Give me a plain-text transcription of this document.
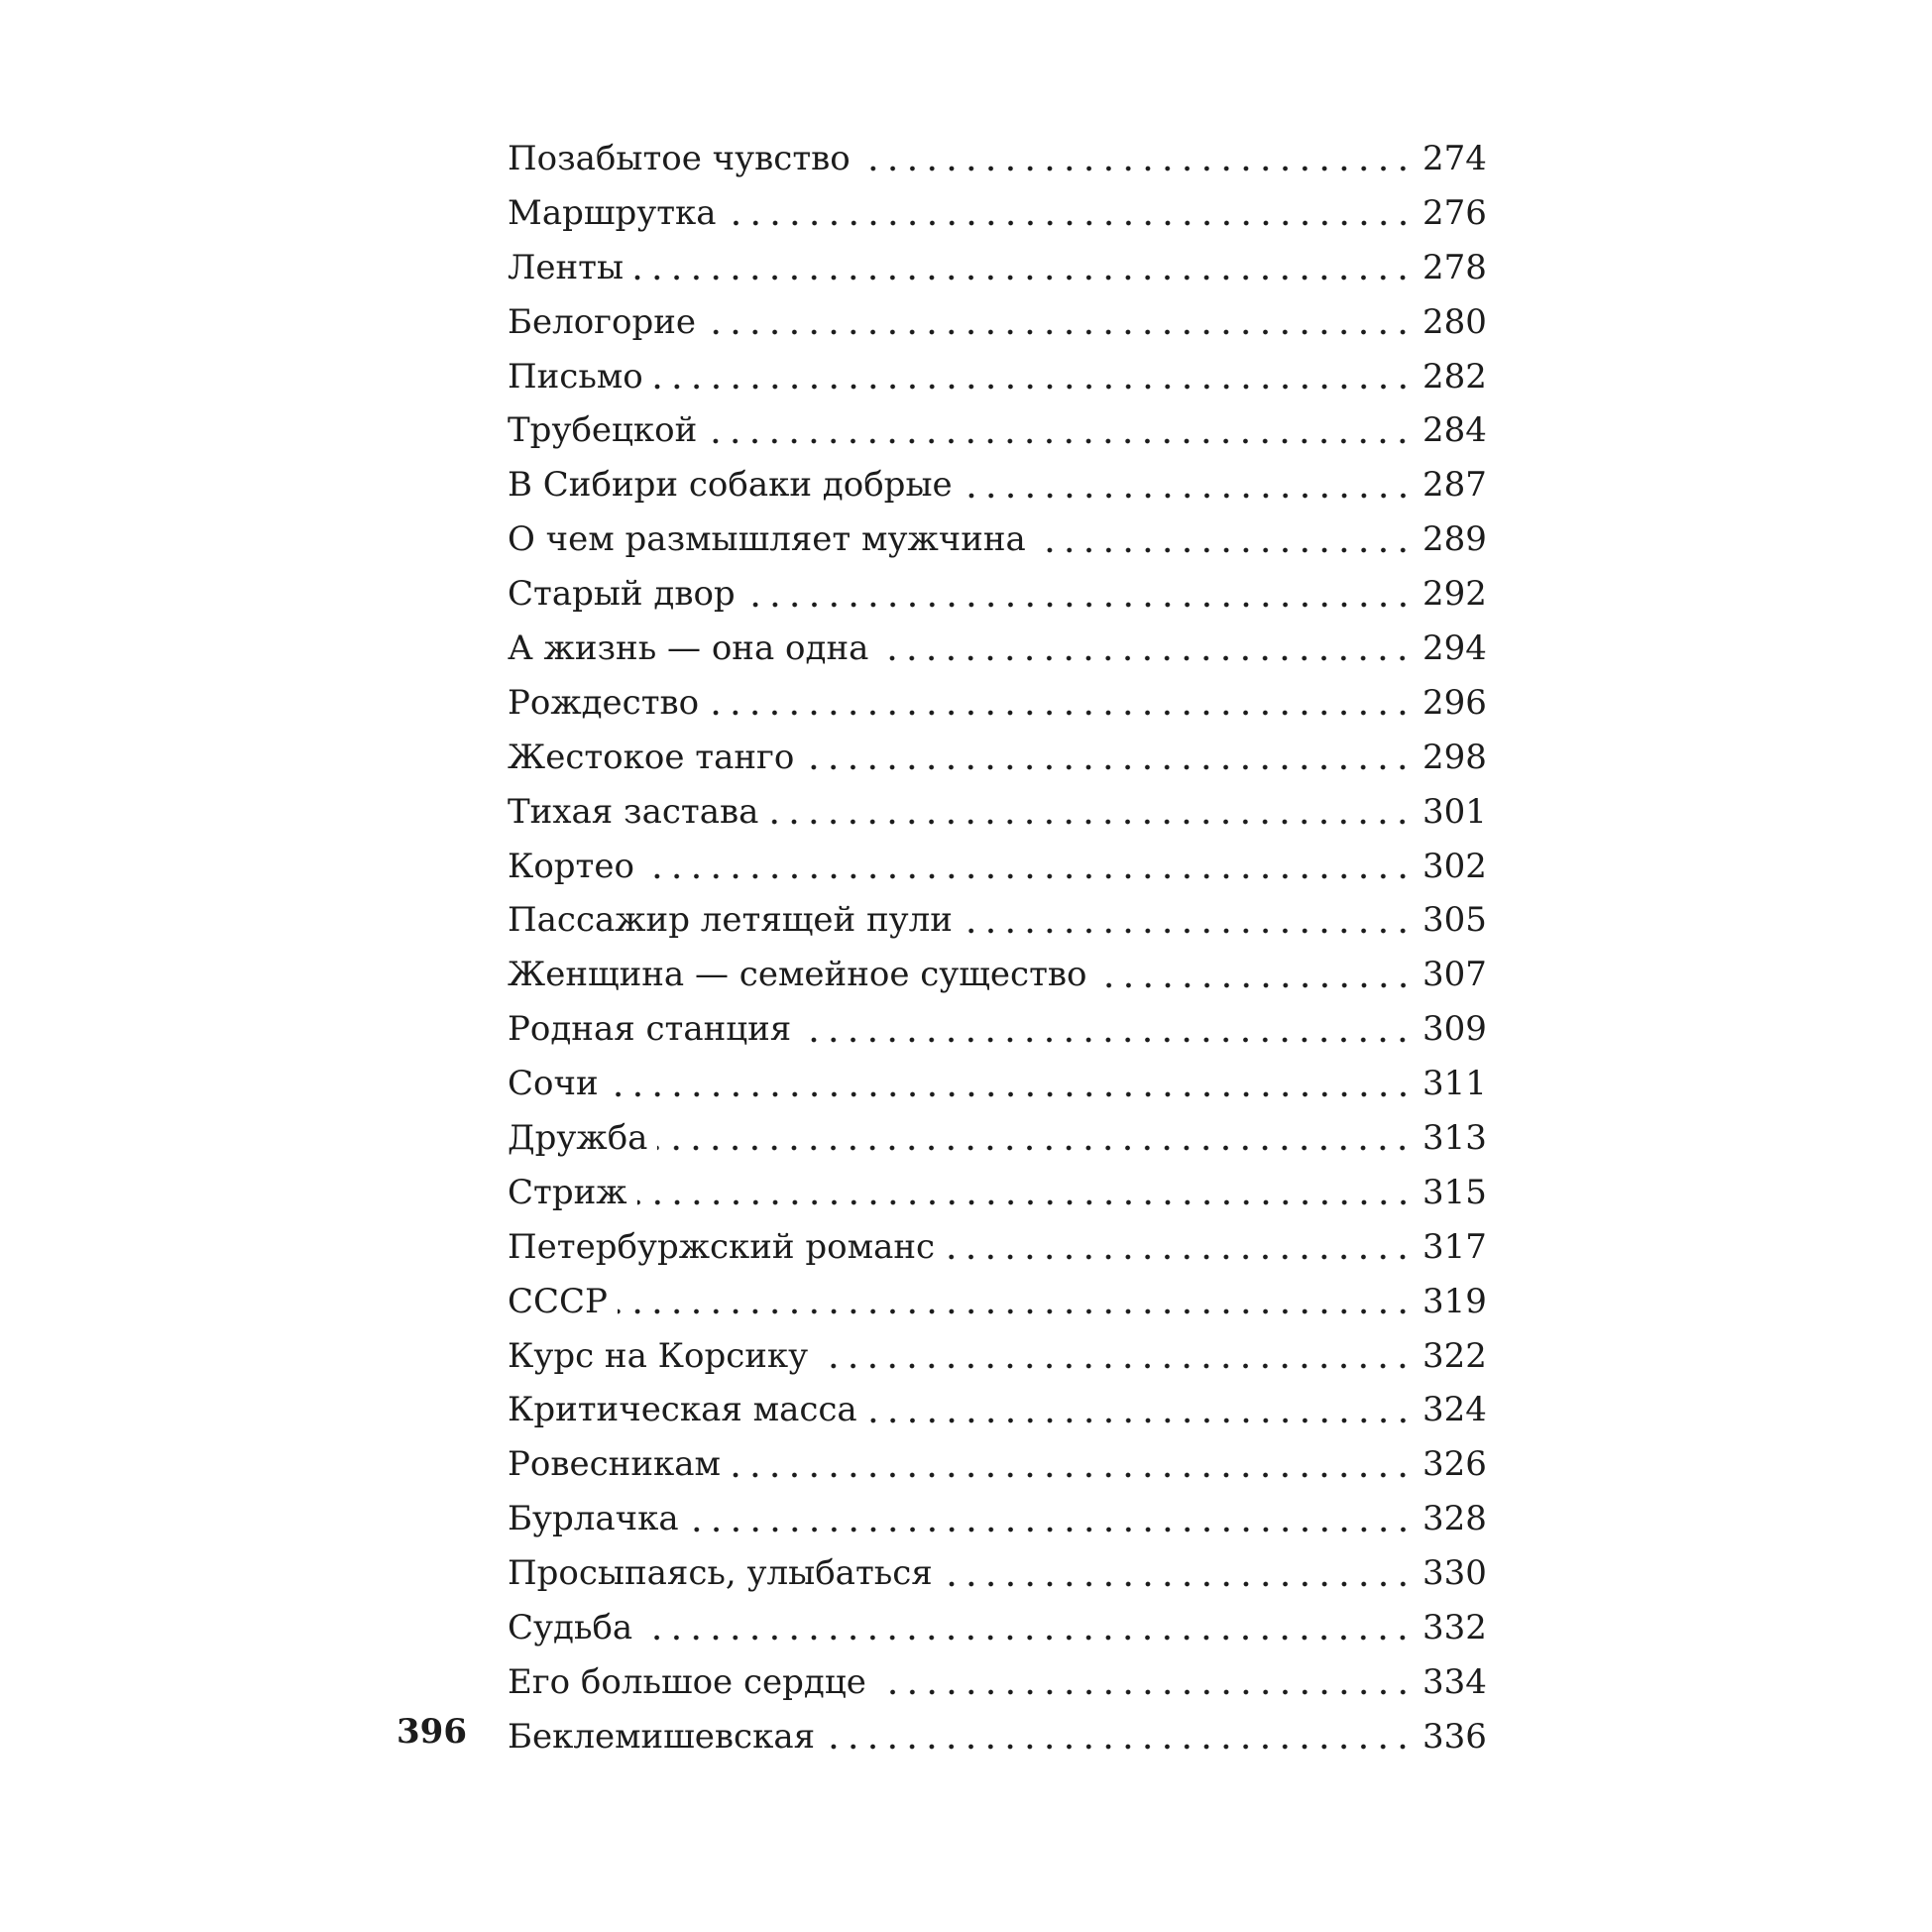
Позабытое чувство	274
Маршрутка	276
Ленты	278
Белогорие	280
Письмо	282
Трубецкой	284
В Сибири собаки добрые	287
О чем размышляет мужчина	289
Старый двор	292
А жизнь — она одна	294
Рождество	296
Жестокое танго	298
Тихая застава	301
Кортео	302
Пассажир летящей пули	305
Женщина — семейное существо	307
Родная станция	309
Сочи	311
Дружба	313
Стриж	315
Петербуржский романс	317
СССР	319
Курс на Корсику	322
Критическая масса	324
Ровесникам	326
Бурлачка	328
Просыпаясь, улыбаться	330
Судьба	332
Его большое сердце	334
Беклемишевская	336
396
